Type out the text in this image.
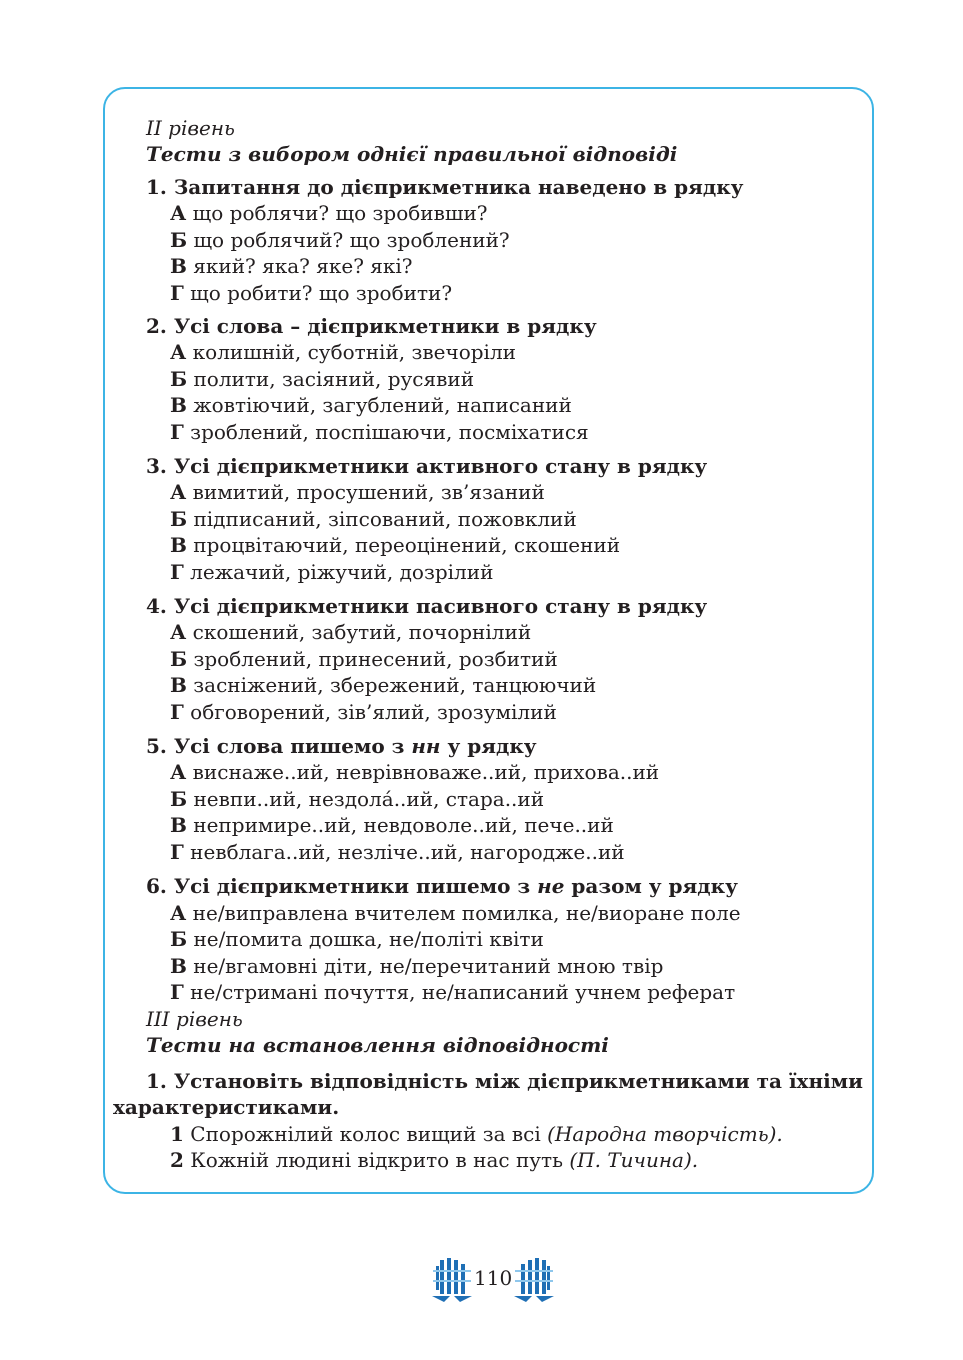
ІІ рівень
Тести з вибором однієї правильної відповіді
1. Запитання до дієприкметника наведено в рядку
А що роблячи? що зробивши?
Б що роблячий? що зроблений?
В який? яка? яке? які?
Г що робити? що зробити?
2. Усі слова – дієприкметники в рядку
А колишній, суботній, звечоріли
Б полити, засіяний, русявий
В жовтіючий, загублений, написаний
Г зроблений, поспішаючи, посміхатися
3. Усі дієприкметники активного стану в рядку
А вимитий, просушений, зв’язаний
Б підписаний, зіпсований, пожовклий
В процвітаючий, переоцінений, скошений
Г лежачий, ріжучий, дозрілий
4. Усі дієприкметники пасивного стану в рядку
А скошений, забутий, почорнілий
Б зроблений, принесений, розбитий
В засніжений, збережений, танцюючий
Г обговорений, зів’ялий, зрозумілий
5. Усі слова пишемо з нн у рядку
А виснаже..ий, неврівноваже..ий, прихова..ий
Б невпи..ий, нездола́..ий, стара..ий
В непримире..ий, невдоволе..ий, пече..ий
Г невблага..ий, незліче..ий, нагородже..ий
6. Усі дієприкметники пишемо з не разом у рядку
А не/виправлена вчителем помилка, не/виоране поле
Б не/помита дошка, не/політі квіти
В не/вгамовні діти, не/перечитаний мною твір
Г не/стримані почуття, не/написаний учнем реферат
ІІІ рівень
Тести на встановлення відповідності
1. Установіть відповідність між дієприкметниками та їхніми
характеристиками.
1 Спорожнілий колос вищий за всі (Народна творчість).
2 Кожній людині відкрито в нас путь (П. Тичина).
110
